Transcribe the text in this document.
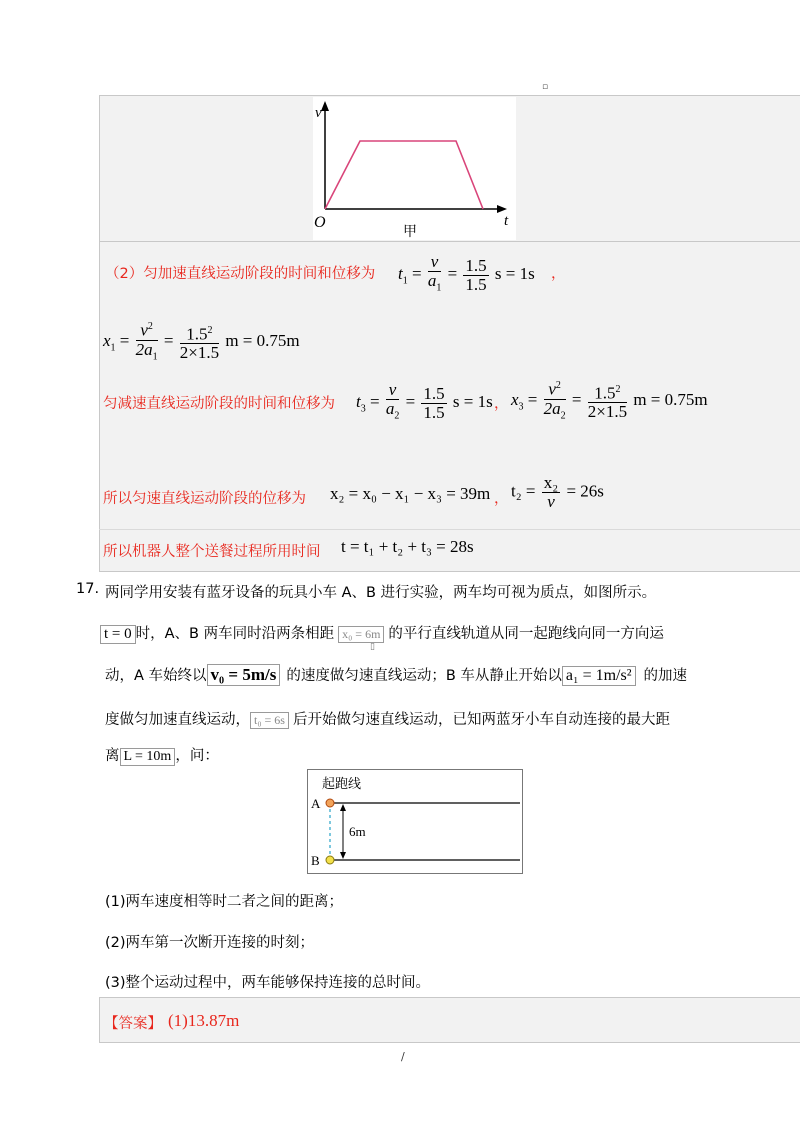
▫
v
O	t
甲
（2）匀加速直线运动阶段的时间和位移为 $t_1 = \frac{v}{a_1} = \frac{1.5}{1.5}$ s = 1s ，
$x_1 = \frac{v^2}{2a_1} = \frac{1.5^2}{2\times 1.5}$ m = 0.75m
匀减速直线运动阶段的时间和位移为 $t_3 = \frac{v}{a_2} = \frac{1.5}{1.5}$ s = 1s ， $x_3 = \frac{v^2}{2a_2} = \frac{1.5^2}{2\times 1.5}$ m = 0.75m
所以匀速直线运动阶段的位移为 x₂ = x₀ − x₁ − x₃ = 39m ， $t_2 = \frac{\text{x₂}}{v} = 26s$
所以机器人整个送餐过程所用时间 t = t₁ + t₂ + t₃ = 28s
17. 两同学用安装有蓝牙设备的玩具小车 A、B 进行实验，两车均可视为质点，如图所示。
t = 0 时，A、B 两车同时沿两条相距 x₀ = 6m 的平行直线轨道从同一起跑线向同一方向运
▯
动，A 车始终以 v₀ = 5m/s 的速度做匀速直线运动；B 车从静止开始以 a₁ = 1m/s² 的加速
度做匀加速直线运动， t₀ = 6s 后开始做匀速直线运动，已知两蓝牙小车自动连接的最大距
离 L = 10m ，问：
起跑线
A
B
6m
(1)两车速度相等时二者之间的距离；
(2)两车第一次断开连接的时刻；
(3)整个运动过程中，两车能够保持连接的总时间。
【答案】 (1)13.87m
/
